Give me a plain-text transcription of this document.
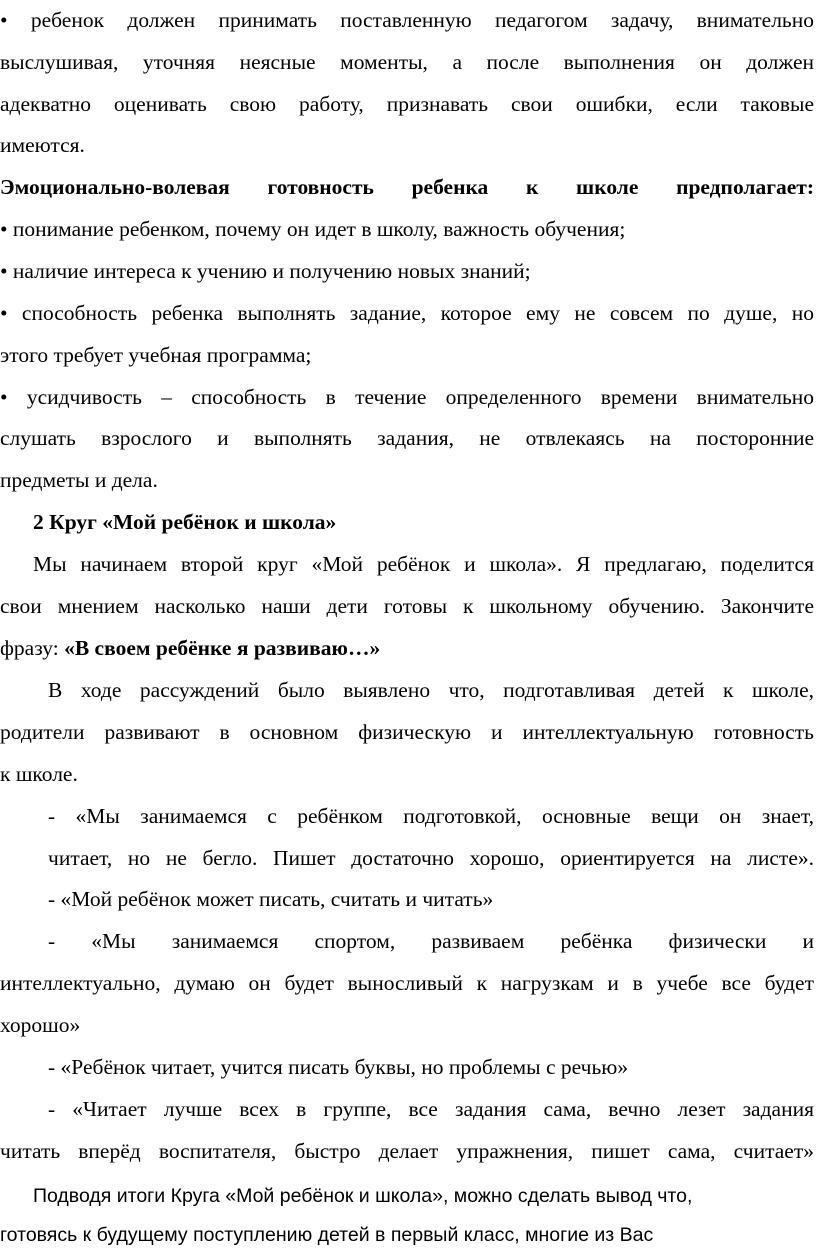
• ребенок должен принимать поставленную педагогом задачу, внимательно

выслушивая, уточняя неясные моменты, а после выполнения он должен

адекватно оценивать свою работу, признавать свои ошибки, если таковые

имеются.

Эмоционально-волевая готовность ребенка к школе предполагает:

• понимание ребенком, почему он идет в школу, важность обучения;

• наличие интереса к учению и получению новых знаний;

• способность ребенка выполнять задание, которое ему не совсем по душе, но

этого требует учебная программа;

• усидчивость – способность в течение определенного времени внимательно

слушать взрослого и выполнять задания, не отвлекаясь на посторонние

предметы и дела.

2 Круг «Мой ребёнок и школа»

Мы начинаем второй круг «Мой ребёнок и школа». Я предлагаю, поделится

свои мнением насколько наши дети готовы к школьному обучению. Закончите

фразу: «В своем ребёнке я развиваю…»

В ходе рассуждений было выявлено что, подготавливая детей к школе,

родители развивают в основном физическую и интеллектуальную готовность

к школе.

- «Мы занимаемся с ребёнком подготовкой, основные вещи он знает,

читает, но не бегло. Пишет достаточно хорошо, ориентируется на листе».

- «Мой ребёнок может писать, считать и читать»

- «Мы занимаемся спортом, развиваем ребёнка физически и

интеллектуально, думаю он будет выносливый к нагрузкам и в учебе все будет

хорошо»

- «Ребёнок читает, учится писать буквы, но проблемы с речью»

- «Читает лучше всех в группе, все задания сама, вечно лезет задания

читать вперёд воспитателя, быстро делает упражнения, пишет сама, считает»

Подводя итоги Круга «Мой ребёнок и школа», можно сделать вывод что,

готовясь к будущему поступлению детей в первый класс, многие из Вас
